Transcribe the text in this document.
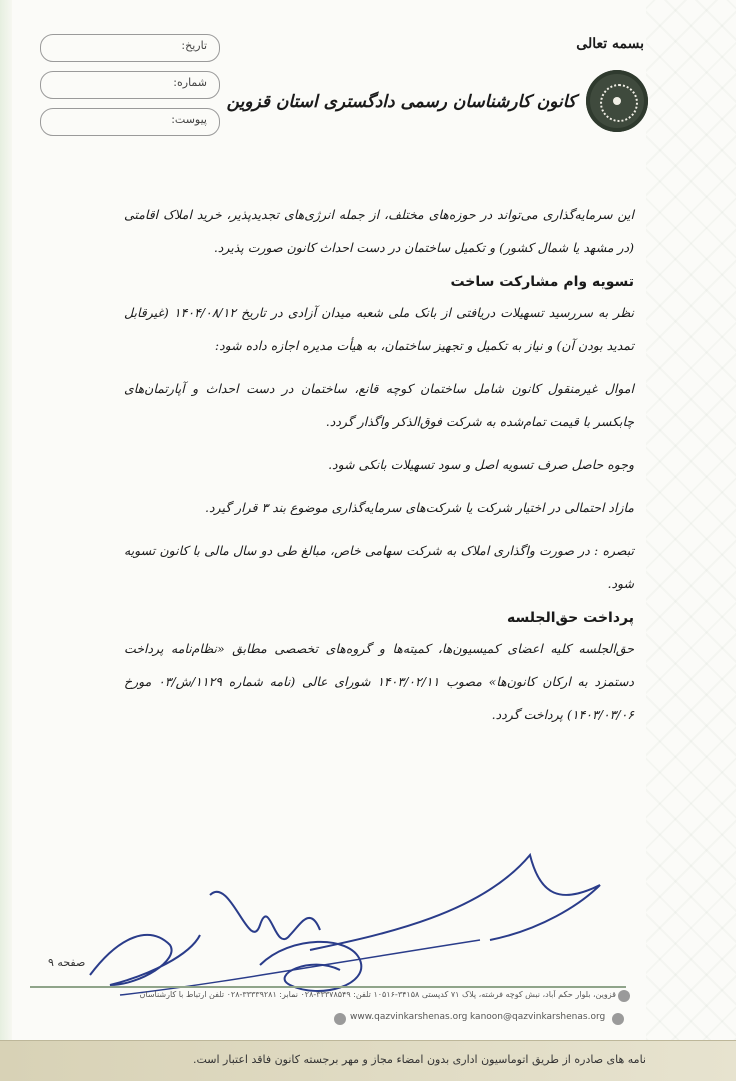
تاریخ:
شماره:
پیوست:
بسمه تعالی
کانون کارشناسان رسمی دادگستری استان قزوین

این سرمایه‌گذاری می‌تواند در حوزه‌های مختلف، از جمله انرژی‌های تجدیدپذیر، خرید املاک اقامتی (در مشهد یا شمال کشور) و تکمیل ساختمان در دست احداث کانون صورت پذیرد.

تسویه وام مشارکت ساخت

نظر به سررسید تسهیلات دریافتی از بانک ملی شعبه میدان آزادی در تاریخ ۱۴۰۴/۰۸/۱۲ (غیرقابل تمدید بودن آن) و نیاز به تکمیل و تجهیز ساختمان، به هیأت مدیره اجازه داده شود:

اموال غیرمنقول کانون شامل ساختمان کوچه قانع، ساختمان در دست احداث و آپارتمان‌های چابکسر با قیمت تمام‌شده به شرکت فوق‌الذکر واگذار گردد.

وجوه حاصل صرف تسویه اصل و سود تسهیلات بانکی شود.

مازاد احتمالی در اختیار شرکت یا شرکت‌های سرمایه‌گذاری موضوع بند ۳ قرار گیرد.

تبصره : در صورت واگذاری املاک به شرکت سهامی خاص، مبالغ طی دو سال مالی با کانون تسویه شود.

پرداخت حق‌الجلسه

حق‌الجلسه کلیه اعضای کمیسیون‌ها، کمیته‌ها و گروه‌های تخصصی مطابق «نظام‌نامه پرداخت دستمزد به ارکان کانون‌ها» مصوب ۱۴۰۳/۰۲/۱۱ شورای عالی (نامه شماره ۱۱۲۹/ش/۰۳ مورخ ۱۴۰۳/۰۳/۰۶) پرداخت گردد.

صفحه ۹
قزوین، بلوار حکم آباد، نبش کوچه فرشته، پلاک ۷۱ کدپستی ۳۴۱۵۸-۱۰۵۱۶ تلفن: ۳۳۳۷۸۵۴۹-۰۲۸ نمابر: ۳۳۳۳۹۲۸۱-۰۲۸ تلفن ارتباط با کارشناسان
www.qazvinkarshenas.org kanoon@qazvinkarshenas.org
نامه های صادره از طریق اتوماسیون اداری بدون امضاء مجاز و مهر برجسته کانون فاقد اعتبار است.
